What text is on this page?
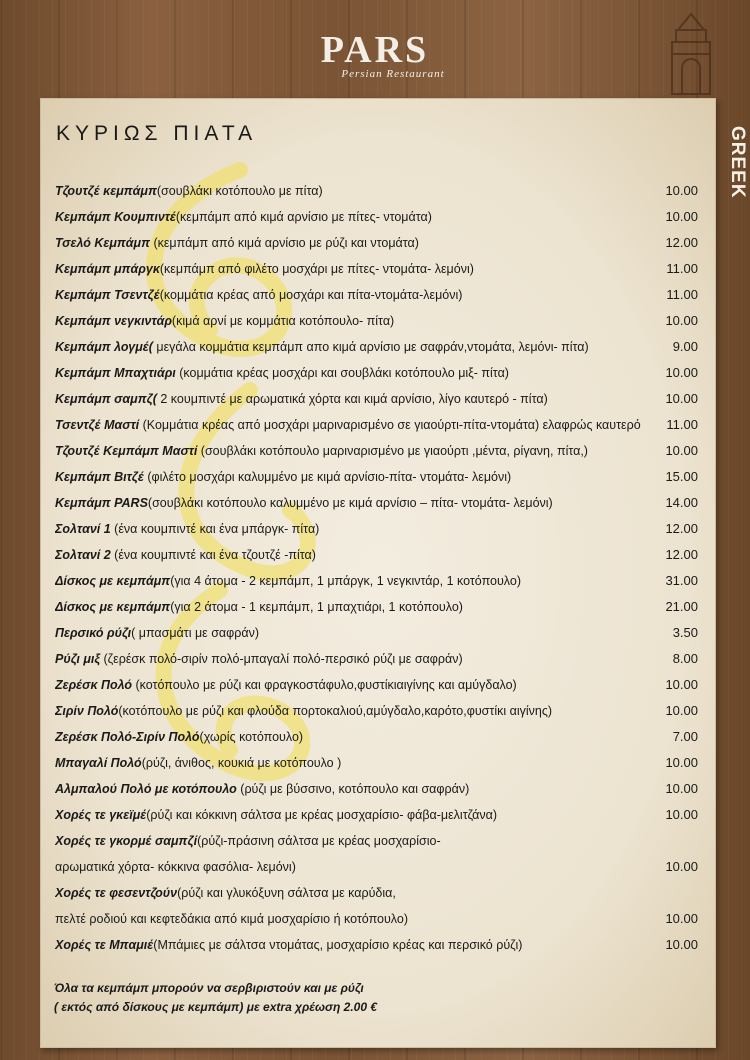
PARS
Persian Restaurant
GREEK
ΚΥΡΙΩΣ ΠΙΑΤΑ
Τζουτζέ κεμπάμπ(σουβλάκι κοτόπουλο με πίτα)	10.00
Κεμπάμπ Κουμπιντέ(κεμπάμπ από κιμά αρνίσιο με πίτες- ντομάτα)	10.00
Τσελό Κεμπάμπ (κεμπάμπ από κιμά αρνίσιο με ρύζι και ντομάτα)	12.00
Κεμπάμπ μπάργκ(κεμπάμπ από φιλέτο μοσχάρι με πίτες- ντομάτα- λεμόνι)	11.00
Κεμπάμπ Τσεντζέ(κομμάτια κρέας από μοσχάρι και πίτα-ντομάτα-λεμόνι)	11.00
Κεμπάμπ νεγκιντάρ(κιμά αρνί με κομμάτια κοτόπουλο- πίτα)	10.00
Κεμπάμπ λογμέ( μεγάλα κομμάτια κεμπάμπ απο κιμά αρνίσιο με σαφράν,ντομάτα, λεμόνι- πίτα)	9.00
Κεμπάμπ Μπαχτιάρι (κομμάτια κρέας μοσχάρι και σουβλάκι κοτόπουλο μιξ- πίτα)	10.00
Κεμπάμπ σαμπζ( 2 κουμπιντέ με αρωματικά χόρτα και κιμά αρνίσιο, λίγο καυτερό - πίτα)	10.00
Τσεντζέ Μαστί (Κομμάτια κρέας από μοσχάρι μαριναρισμένο σε γιαούρτι-πίτα-ντομάτα) ελαφρώς καυτερό	11.00
Τζουτζέ Κεμπάμπ Μαστί (σουβλάκι κοτόπουλο μαριναρισμένο με γιαούρτι ,μέντα, ρίγανη, πίτα,)	10.00
Κεμπάμπ Βιτζέ (φιλέτο μοσχάρι καλυμμένο με κιμά αρνίσιο-πίτα- ντομάτα- λεμόνι)	15.00
Κεμπάμπ PARS(σουβλάκι κοτόπουλο καλυμμένο με κιμά αρνίσιο – πίτα- ντομάτα- λεμόνι)	14.00
Σολτανί 1 (ένα κουμπιντέ και ένα μπάργκ- πίτα)	12.00
Σολτανί 2 (ένα κουμπιντέ και ένα τζουτζέ -πίτα)	12.00
Δίσκος με κεμπάμπ(για 4 άτομα - 2 κεμπάμπ, 1 μπάργκ, 1 νεγκιντάρ, 1 κοτόπουλο)	31.00
Δίσκος με κεμπάμπ(για 2 άτομα - 1 κεμπάμπ, 1 μπαχτιάρι, 1 κοτόπουλο)	21.00
Περσικό ρύζι( μπασμάτι με σαφράν)	3.50
Ρύζι μιξ (ζερέσκ πολό-σιρίν πολό-μπαγαλί πολό-περσικό ρύζι με σαφράν)	8.00
Ζερέσκ Πολό (κοτόπουλο με ρύζι και φραγκοστάφυλο,φυστίκιαιγίνης και αμύγδαλο)	10.00
Σιρίν Πολό(κοτόπουλο με ρύζι και φλούδα πορτοκαλιού,αμύγδαλο,καρότο,φυστίκι αιγίνης)	10.00
Ζερέσκ Πολό-Σιρίν Πολό(χωρίς κοτόπουλο)	7.00
Μπαγαλί Πολό(ρύζι, άνιθος, κουκιά με κοτόπουλο )	10.00
Αλμπαλού Πολό με κοτόπουλο (ρύζι με βύσσινο, κοτόπουλο και σαφράν)	10.00
Χορές τε γκεϊμέ(ρύζι και κόκκινη σάλτσα με κρέας μοσχαρίσιο- φάβα-μελιτζάνα)	10.00
Χορές τε γκορμέ σαμπζί(ρύζι-πράσινη σάλτσα με κρέας μοσχαρίσιο-
αρωματικά χόρτα- κόκκινα φασόλια- λεμόνι)	10.00
Χορές τε φεσεντζούν(ρύζι και γλυκόξυνη σάλτσα με καρύδια,
πελτέ ροδιού και κεφτεδάκια από κιμά μοσχαρίσιο ή κοτόπουλο)	10.00
Χορές τε Μπαμιέ(Μπάμιες με σάλτσα ντομάτας, μοσχαρίσιο κρέας και περσικό ρύζι)	10.00
Όλα τα κεμπάμπ μπορούν να σερβιριστούν και με ρύζι
( εκτός από δίσκους με κεμπάμπ) με extra χρέωση 2.00 €
